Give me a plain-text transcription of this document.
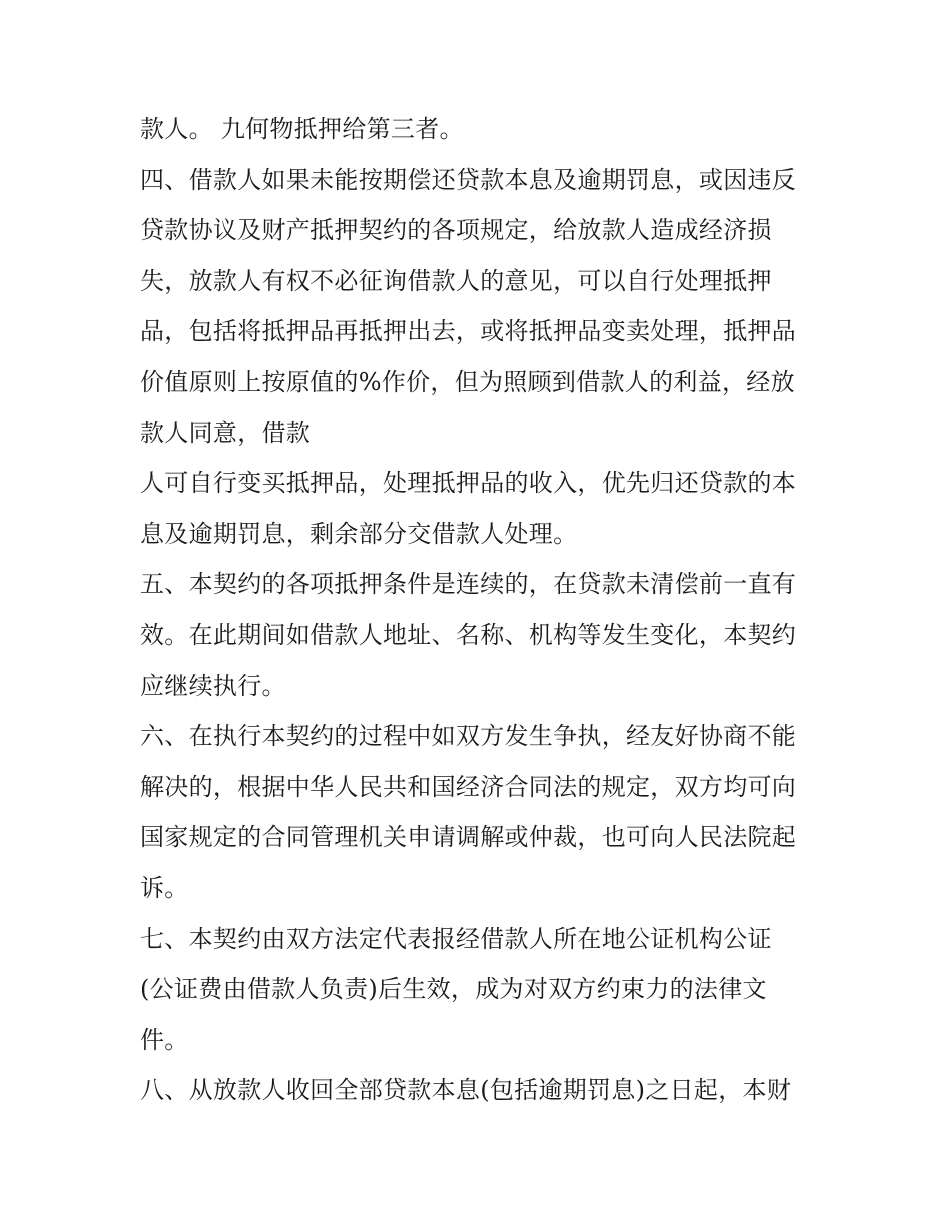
款人。 九何物抵押给第三者。
四、借款人如果未能按期偿还贷款本息及逾期罚息，或因违反
贷款协议及财产抵押契约的各项规定，给放款人造成经济损
失，放款人有权不必征询借款人的意见，可以自行处理抵押
品，包括将抵押品再抵押出去，或将抵押品变卖处理，抵押品
价值原则上按原值的%作价，但为照顾到借款人的利益，经放
款人同意，借款
人可自行变买抵押品，处理抵押品的收入，优先归还贷款的本
息及逾期罚息，剩余部分交借款人处理。
五、本契约的各项抵押条件是连续的，在贷款未清偿前一直有
效。在此期间如借款人地址、名称、机构等发生变化，本契约
应继续执行。
六、在执行本契约的过程中如双方发生争执，经友好协商不能
解决的，根据中华人民共和国经济合同法的规定，双方均可向
国家规定的合同管理机关申请调解或仲裁，也可向人民法院起
诉。
七、本契约由双方法定代表报经借款人所在地公证机构公证
(公证费由借款人负责)后生效，成为对双方约束力的法律文
件。
八、从放款人收回全部贷款本息(包括逾期罚息)之日起，本财
